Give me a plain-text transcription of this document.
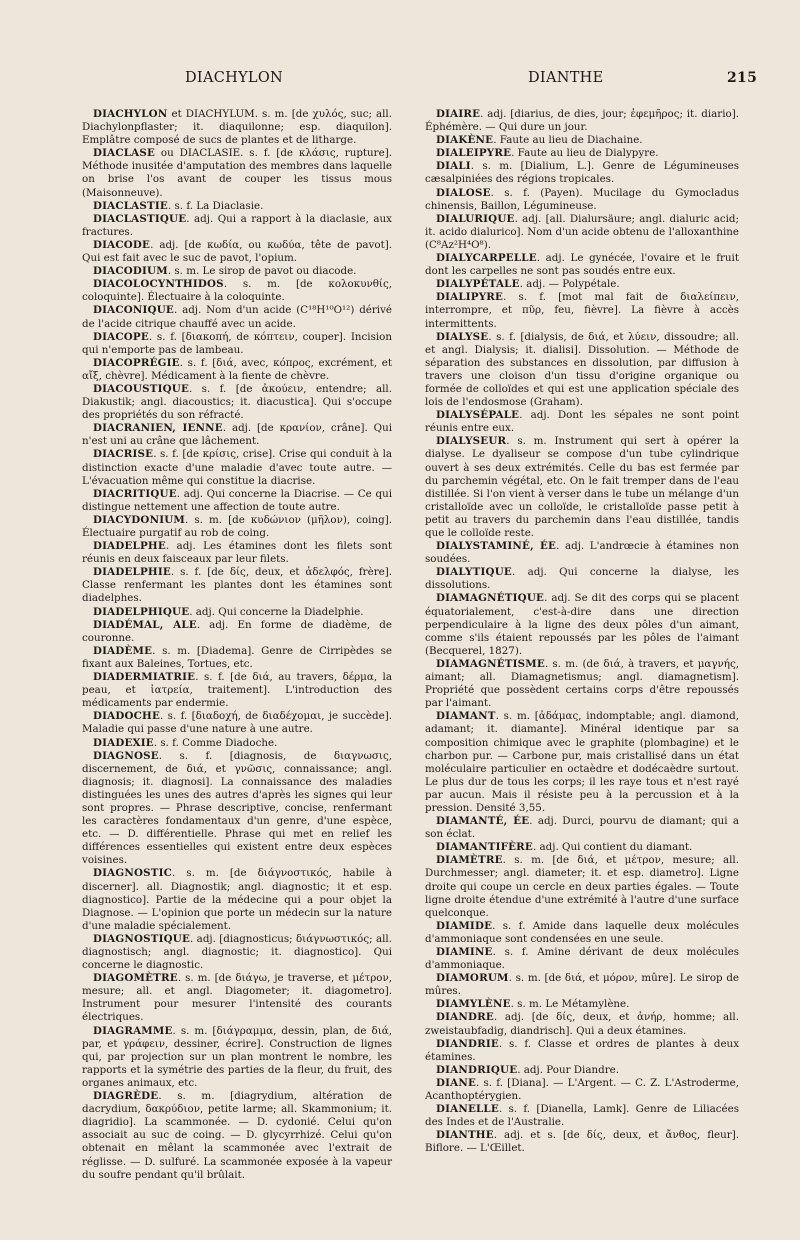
DIACHYLON	DIANTHE	215

DIACHYLON et DIACHYLUM. s. m. [de χυλός, suc; all. Diachylonpflaster; it. diaquilonne; esp. diaquilon]. Emplâtre composé de sucs de plantes et de litharge.

DIACLASE ou DIACLASIE. s. f. [de κλάσις, rupture]. Méthode inusitée d'amputation des membres dans laquelle on brise l'os avant de couper les tissus mous (Maisonneuve).

DIACLASTIE. s. f. La Diaclasie.

DIACLASTIQUE. adj. Qui a rapport à la diaclasie, aux fractures.

DIACODE. adj. [de κωδία, ou κωδύα, tête de pavot]. Qui est fait avec le suc de pavot, l'opium.

DIACODIUM. s. m. Le sirop de pavot ou diacode.

DIACOLOCYNTHIDOS. s. m. [de κολοκυνθίς, coloquinte]. Électuaire à la coloquinte.

DIACONIQUE. adj. Nom d'un acide (C¹⁸H¹⁰O¹²) dérivé de l'acide citrique chauffé avec un acide.

DIACOPE. s. f. [διακοπή, de κόπτειν, couper]. Incision qui n'emporte pas de lambeau.

DIACOPRÉGIE. s. f. [διά, avec, κόπρος, excrément, et αἴξ, chèvre]. Médicament à la fiente de chèvre.

DIACOUSTIQUE. s. f. [de ἀκούειν, entendre; all. Diakustik; angl. diacoustics; it. diacustica]. Qui s'occupe des propriétés du son réfracté.

DIACRANIEN, IENNE. adj. [de κρανίον, crâne]. Qui n'est uni au crâne que lâchement.

DIACRISE. s. f. [de κρίσις, crise]. Crise qui conduit à la distinction exacte d'une maladie d'avec toute autre. — L'évacuation même qui constitue la diacrise.

DIACRITIQUE. adj. Qui concerne la Diacrise. — Ce qui distingue nettement une affection de toute autre.

DIACYDONIUM. s. m. [de κυδώνιον (μῆλον), coing]. Électuaire purgatif au rob de coing.

DIADELPHE. adj. Les étamines dont les filets sont réunis en deux faisceaux par leur filets.

DIADELPHIE. s. f. [de δίς, deux, et ἀδελφός, frère]. Classe renfermant les plantes dont les étamines sont diadelphes.

DIADELPHIQUE. adj. Qui concerne la Diadelphie.

DIADÉMAL, ALE. adj. En forme de diadème, de couronne.

DIADÈME. s. m. [Diadema]. Genre de Cirripèdes se fixant aux Baleines, Tortues, etc.

DIADERMIATRIE. s. f. [de διά, au travers, δέρμα, la peau, et ἰατρεία, traitement]. L'introduction des médicaments par endermie.

DIADOCHE. s. f. [διαδοχή, de διαδέχομαι, je succède]. Maladie qui passe d'une nature à une autre.

DIADEXIE. s. f. Comme Diadoche.

DIAGNOSE. s. f. [diagnosis, de διαγνωσις, discernement, de διά, et γνῶσις, connaissance; angl. diagnosis; it. diagnosi]. La connaissance des maladies distinguées les unes des autres d'après les signes qui leur sont propres. — Phrase descriptive, concise, renfermant les caractères fondamentaux d'un genre, d'une espèce, etc. — D. différentielle. Phrase qui met en relief les différences essentielles qui existent entre deux espèces voisines.

DIAGNOSTIC. s. m. [de διάγνοστικός, habile à discerner]. all. Diagnostik; angl. diagnostic; it et esp. diagnostico]. Partie de la médecine qui a pour objet la Diagnose. — L'opinion que porte un médecin sur la nature d'une maladie spécialement.

DIAGNOSTIQUE. adj. [diagnosticus; διάγνωστικός; all. diagnostisch; angl. diagnostic; it. diagnostico]. Qui concerne le diagnostic.

DIAGOMÈTRE. s. m. [de διάγω, je traverse, et μέτρον, mesure; all. et angl. Diagometer; it. diagometro]. Instrument pour mesurer l'intensité des courants électriques.

DIAGRAMME. s. m. [διάγραμμα, dessin, plan, de διά, par, et γράφειν, dessiner, écrire]. Construction de lignes qui, par projection sur un plan montrent le nombre, les rapports et la symétrie des parties de la fleur, du fruit, des organes animaux, etc.

DIAGRÈDE. s. m. [diagrydium, altération de dacrydium, δακρύδιον, petite larme; all. Skammonium; it. diagridio]. La scammonée. — D. cydonié. Celui qu'on associait au suc de coing. — D. glycyrrhizé. Celui qu'on obtenait en mêlant la scammonée avec l'extrait de réglisse. — D. sulfuré. La scammonée exposée à la vapeur du soufre pendant qu'il brûlait.

DIAIRE. adj. [diarius, de dies, jour; ἐφεμῆρος; it. diario]. Éphémère. — Qui dure un jour.

DIAKÈNE. Faute au lieu de Diachaine.

DIALEIPYRE. Faute au lieu de Dialypyre.

DIALI. s. m. [Dialium, L.]. Genre de Légumineuses cæsalpiniées des régions tropicales.

DIALOSE. s. f. (Payen). Mucilage du Gymocladus chinensis, Baillon, Légumineuse.

DIALURIQUE. adj. [all. Dialursäure; angl. dialuric acid; it. acido dialurico]. Nom d'un acide obtenu de l'alloxanthine (C⁸Az²H⁴O⁸).

DIALYCARPELLE. adj. Le gynécée, l'ovaire et le fruit dont les carpelles ne sont pas soudés entre eux.

DIALYPÉTALE. adj. — Polypétale.

DIALIPYRE. s. f. [mot mal fait de διαλείπειν, interrompre, et πῦρ, feu, fièvre]. La fièvre à accès intermittents.

DIALYSE. s. f. [dialysis, de διά, et λύειν, dissoudre; all. et angl. Dialysis; it. dialisi]. Dissolution. — Méthode de séparation des substances en dissolution, par diffusion à travers une cloison d'un tissu d'origine organique ou formée de colloïdes et qui est une application spéciale des lois de l'endosmose (Graham).

DIALYSÉPALE. adj. Dont les sépales ne sont point réunis entre eux.

DIALYSEUR. s. m. Instrument qui sert à opérer la dialyse. Le dyaliseur se compose d'un tube cylindrique ouvert à ses deux extrémités. Celle du bas est fermée par du parchemin végétal, etc. On le fait tremper dans de l'eau distillée. Si l'on vient à verser dans le tube un mélange d'un cristalloïde avec un colloïde, le cristalloïde passe petit à petit au travers du parchemin dans l'eau distillée, tandis que le colloïde reste.

DIALYSTAMINÉ, ÉE. adj. L'andrœcie à étamines non soudées.

DIALYTIQUE. adj. Qui concerne la dialyse, les dissolutions.

DIAMAGNÉTIQUE. adj. Se dit des corps qui se placent équatorialement, c'est-à-dire dans une direction perpendiculaire à la ligne des deux pôles d'un aimant, comme s'ils étaient repoussés par les pôles de l'aimant (Becquerel, 1827).

DIAMAGNÉTISME. s. m. (de διά, à travers, et μαγνής, aimant; all. Diamagnetismus; angl. diamagnetism]. Propriété que possèdent certains corps d'être repoussés par l'aimant.

DIAMANT. s. m. [ἀδάμας, indomptable; angl. diamond, adamant; it. diamante]. Minéral identique par sa composition chimique avec le graphite (plombagine) et le charbon pur. — Carbone pur, mais cristallisé dans un état moléculaire particulier en octaèdre et dodécaèdre surtout. Le plus dur de tous les corps; il les raye tous et n'est rayé par aucun. Mais il résiste peu à la percussion et à la pression. Densité 3,55.

DIAMANTÉ, ÉE. adj. Durci, pourvu de diamant; qui a son éclat.

DIAMANTIFÈRE. adj. Qui contient du diamant.

DIAMÈTRE. s. m. [de διά, et μέτρον, mesure; all. Durchmesser; angl. diameter; it. et esp. diametro]. Ligne droite qui coupe un cercle en deux parties égales. — Toute ligne droite étendue d'une extrémité à l'autre d'une surface quelconque.

DIAMIDE. s. f. Amide dans laquelle deux molécules d'ammoniaque sont condensées en une seule.

DIAMINE. s. f. Amine dérivant de deux molécules d'ammoniaque.

DIAMORUM. s. m. [de διά, et μόρον, mûre]. Le sirop de mûres.

DIAMYLÈNE. s. m. Le Métamylène.

DIANDRE. adj. [de δίς, deux, et ἀνήρ, homme; all. zweistaubfadig, diandrisch]. Qui a deux étamines.

DIANDRIE. s. f. Classe et ordres de plantes à deux étamines.

DIANDRIQUE. adj. Pour Diandre.

DIANE. s. f. [Diana]. — L'Argent. — C. Z. L'Astroderme, Acanthoptérygien.

DIANELLE. s. f. [Dianella, Lamk]. Genre de Liliacées des Indes et de l'Australie.

DIANTHE. adj. et s. [de δίς, deux, et ἄνθος, fleur]. Biflore. — L'Œillet.
